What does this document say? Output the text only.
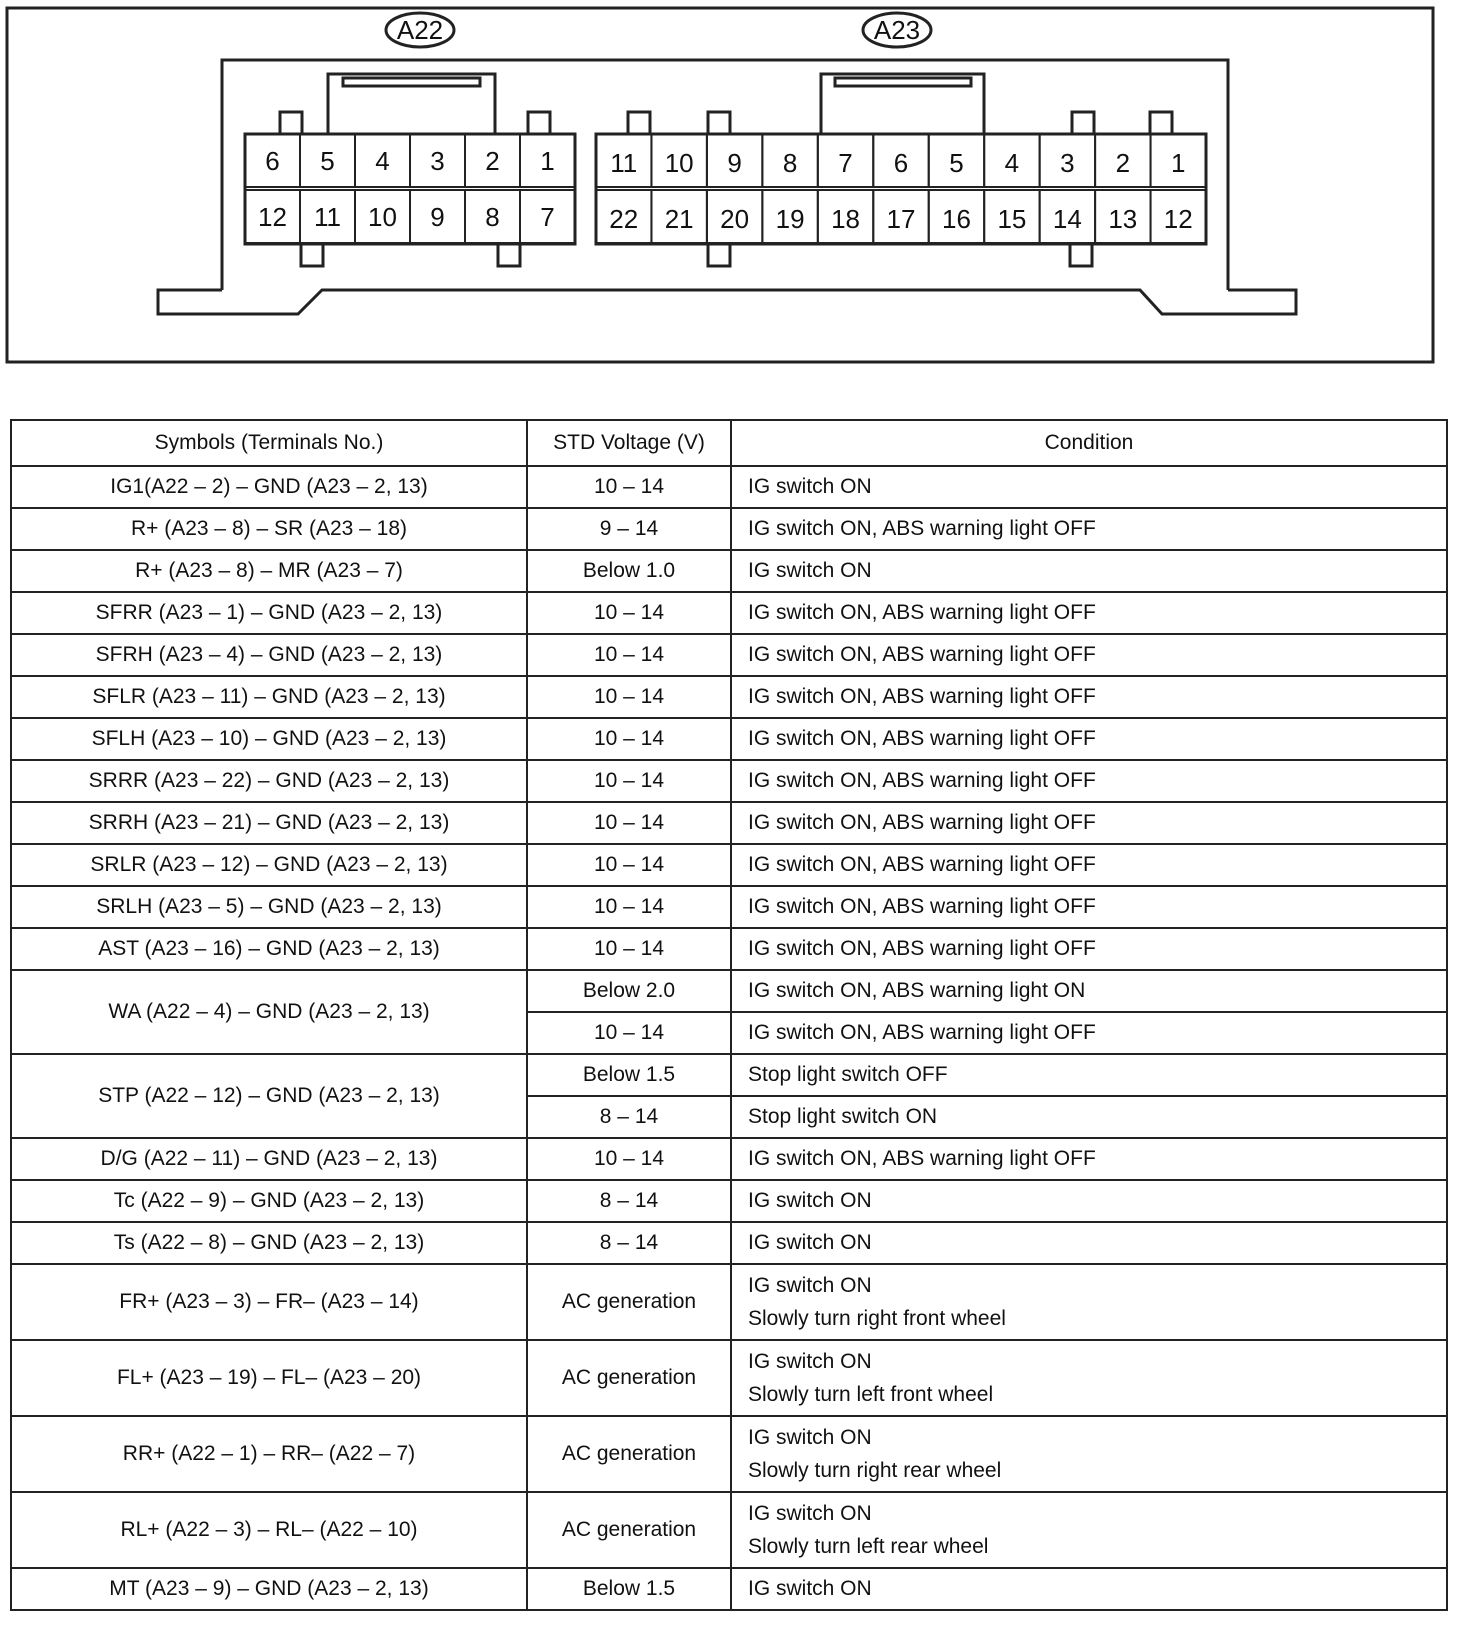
6 5 4 3 2 1
12 11 10 9 8 7
11 10 9 8 7 6 5 4 3 2 1
22 21 20 19 18 17 16 15 14 13 12
A22	A23
Symbols (Terminals No.)	STD Voltage (V)	Condition
IG1(A22 – 2) – GND (A23 – 2, 13)	10 – 14	IG switch ON

R+ (A23 – 8) – SR (A23 – 18)	9 – 14	IG switch ON, ABS warning light OFF

R+ (A23 – 8) – MR (A23 – 7)	Below 1.0	IG switch ON

SFRR (A23 – 1) – GND (A23 – 2, 13)	10 – 14	IG switch ON, ABS warning light OFF

SFRH (A23 – 4) – GND (A23 – 2, 13)	10 – 14	IG switch ON, ABS warning light OFF

SFLR (A23 – 11) – GND (A23 – 2, 13)	10 – 14	IG switch ON, ABS warning light OFF

SFLH (A23 – 10) – GND (A23 – 2, 13)	10 – 14	IG switch ON, ABS warning light OFF

SRRR (A23 – 22) – GND (A23 – 2, 13)	10 – 14	IG switch ON, ABS warning light OFF

SRRH (A23 – 21) – GND (A23 – 2, 13)	10 – 14	IG switch ON, ABS warning light OFF

SRLR (A23 – 12) – GND (A23 – 2, 13)	10 – 14	IG switch ON, ABS warning light OFF

SRLH (A23 – 5) – GND (A23 – 2, 13)	10 – 14	IG switch ON, ABS warning light OFF

AST (A23 – 16) – GND (A23 – 2, 13)	10 – 14	IG switch ON, ABS warning light OFF

WA (A22 – 4) – GND (A23 – 2, 13)	Below 2.0	IG switch ON, ABS warning light ON

	10 – 14	IG switch ON, ABS warning light OFF

STP (A22 – 12) – GND (A23 – 2, 13)	Below 1.5	Stop light switch OFF

	8 – 14	Stop light switch ON

D/G (A22 – 11) – GND (A23 – 2, 13)	10 – 14	IG switch ON, ABS warning light OFF

Tc (A22 – 9) – GND (A23 – 2, 13)	8 – 14	IG switch ON

Ts (A22 – 8) – GND (A23 – 2, 13)	8 – 14	IG switch ON

FR+ (A23 – 3) – FR– (A23 – 14)	AC generation	IG switch ON
Slowly turn right front wheel

FL+ (A23 – 19) – FL– (A23 – 20)	AC generation	IG switch ON
Slowly turn left front wheel

RR+ (A22 – 1) – RR– (A22 – 7)	AC generation	IG switch ON
Slowly turn right rear wheel

RL+ (A22 – 3) – RL– (A22 – 10)	AC generation	IG switch ON
Slowly turn left rear wheel

MT (A23 – 9) – GND (A23 – 2, 13)	Below 1.5	IG switch ON
